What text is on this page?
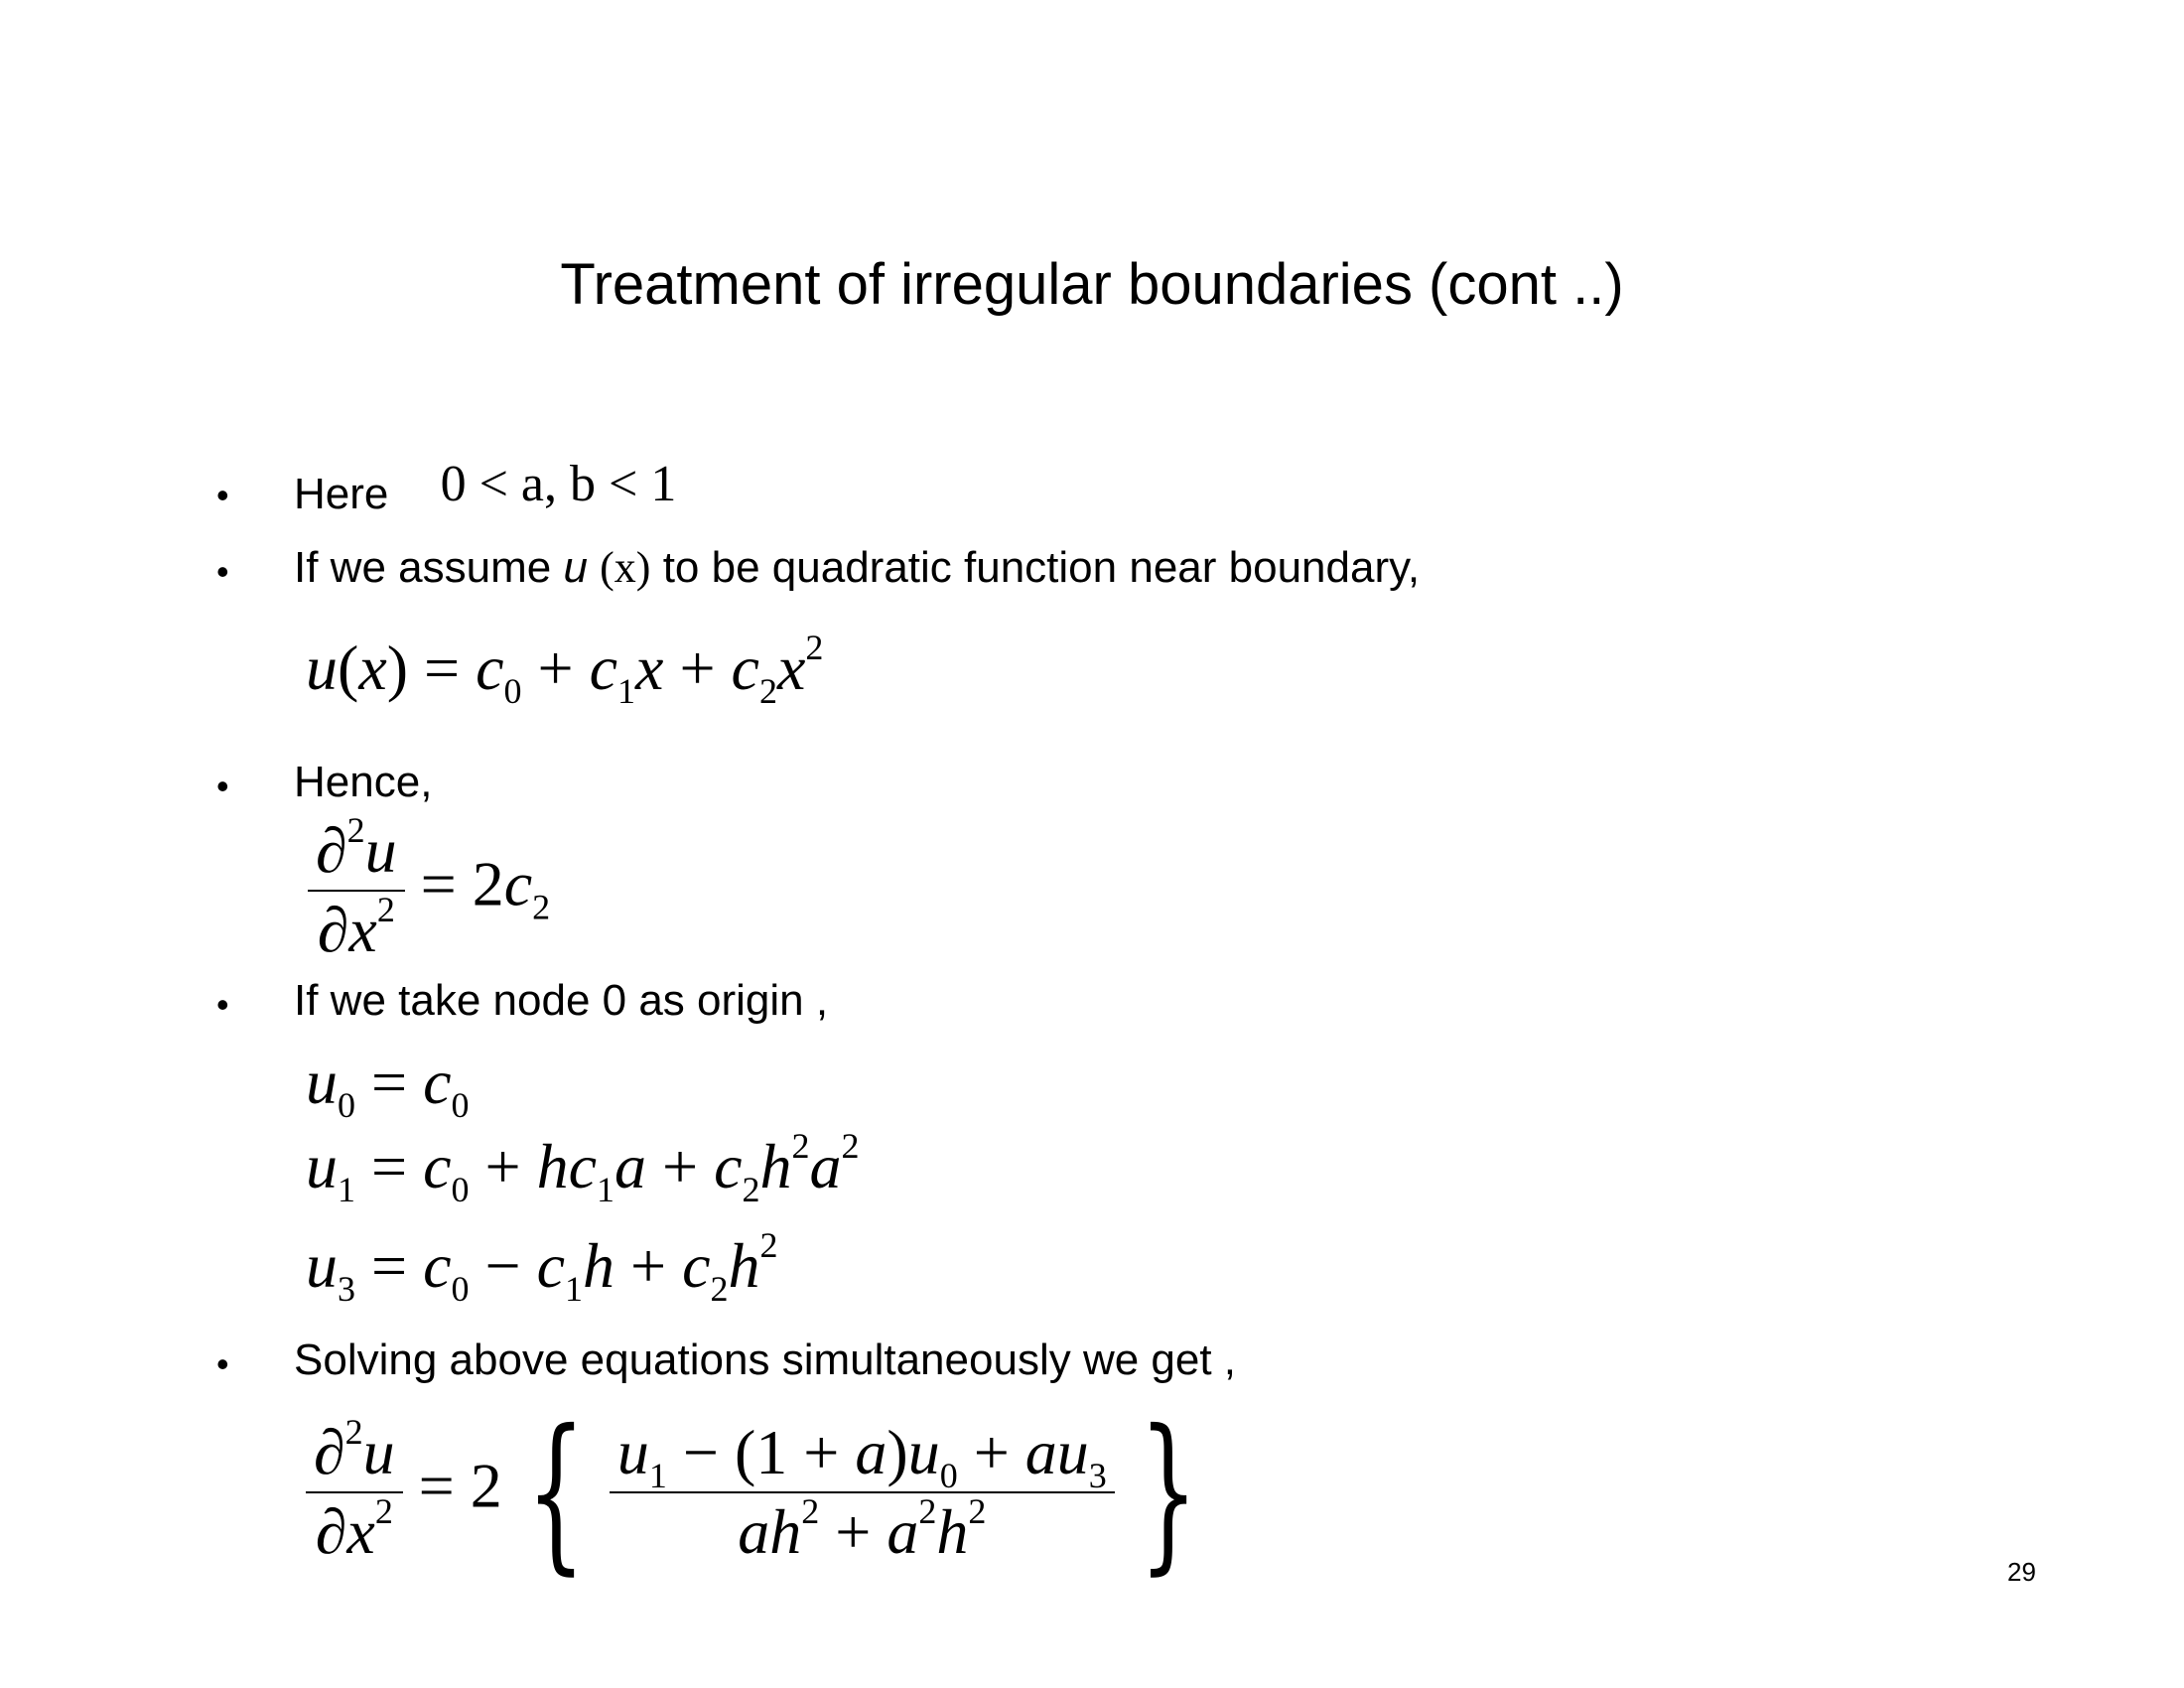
Treatment of irregular boundaries (cont ..)
• Here 0 < a, b < 1
• If we assume u (x) to be quadratic function near boundary,
$u(x) = c_0 + c_1x + c_2x^2$
• Hence,
$\frac{\partial^2u}{\partial x^2} = 2c_2$
• If we take node 0 as origin ,
$u_0 = c_0$
$u_1 = c_0 + hc_1a + c_2h^2a^2$
$u_3 = c_0 - c_1h + c_2h^2$
• Solving above equations simultaneously we get ,
$\frac{\partial^2u}{\partial x^2} = 2$ { $\frac{u_1 - (1 + a)u_0 + au_3}{ah^2 + a^2h^2}$ }	29
